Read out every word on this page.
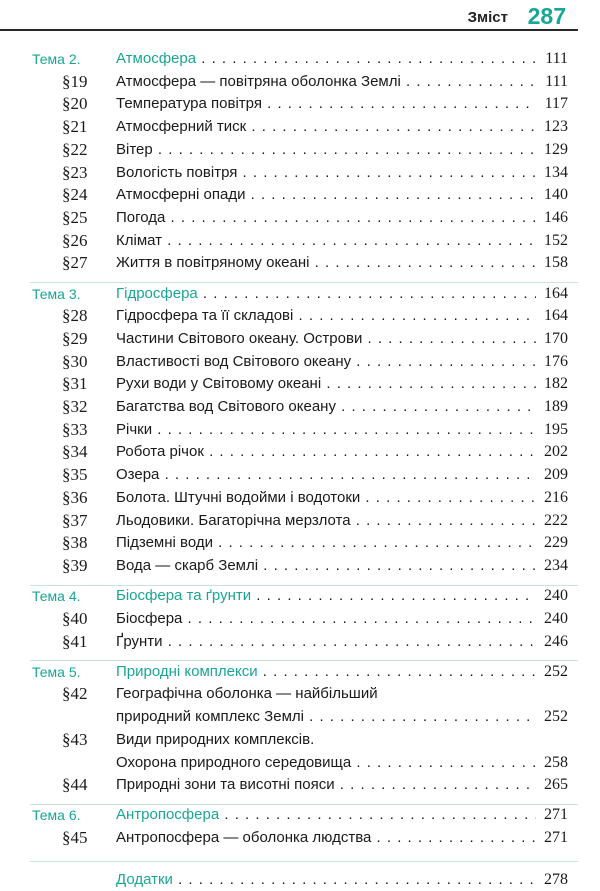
Зміст 287
Тема 2.	Атмосфера . . .	111
§19	Атмосфера — повітряна оболонка Землі . . .	111
§20	Температура повітря . . .	117
§21	Атмосферний тиск . . .	123
§22	Вітер . . .	129
§23	Вологість повітря . . .	134
§24	Атмосферні опади . . .	140
§25	Погода . . .	146
§26	Клімат . . .	152
§27	Життя в повітряному океані . . .	158
Тема 3.	Гідросфера . . .	164
§28	Гідросфера та її складові . . .	164
§29	Частини Світового океану. Острови . . .	170
§30	Властивості вод Світового океану . . .	176
§31	Рухи води у Світовому океані . . .	182
§32	Багатства вод Світового океану . . .	189
§33	Річки . . .	195
§34	Робота річок . . .	202
§35	Озера . . .	209
§36	Болота. Штучні водойми і водотоки . . .	216
§37	Льодовики. Багаторічна мерзлота . . .	222
§38	Підземні води . . .	229
§39	Вода — скарб Землі . . .	234
Тема 4.	Біосфера та ґрунти . . .	240
§40	Біосфера . . .	240
§41	Ґрунти . . .	246
Тема 5.	Природні комплекси . . .	252
§42	Географічна оболонка — найбільший
природний комплекс Землі . . .	252
§43	Види природних комплексів.
Охорона природного середовища . . .	258
§44	Природні зони та висотні пояси . . .	265
Тема 6.	Антропосфера . . .	271
§45	Антропосфера — оболонка людства . . .	271
Додатки . . .	278
